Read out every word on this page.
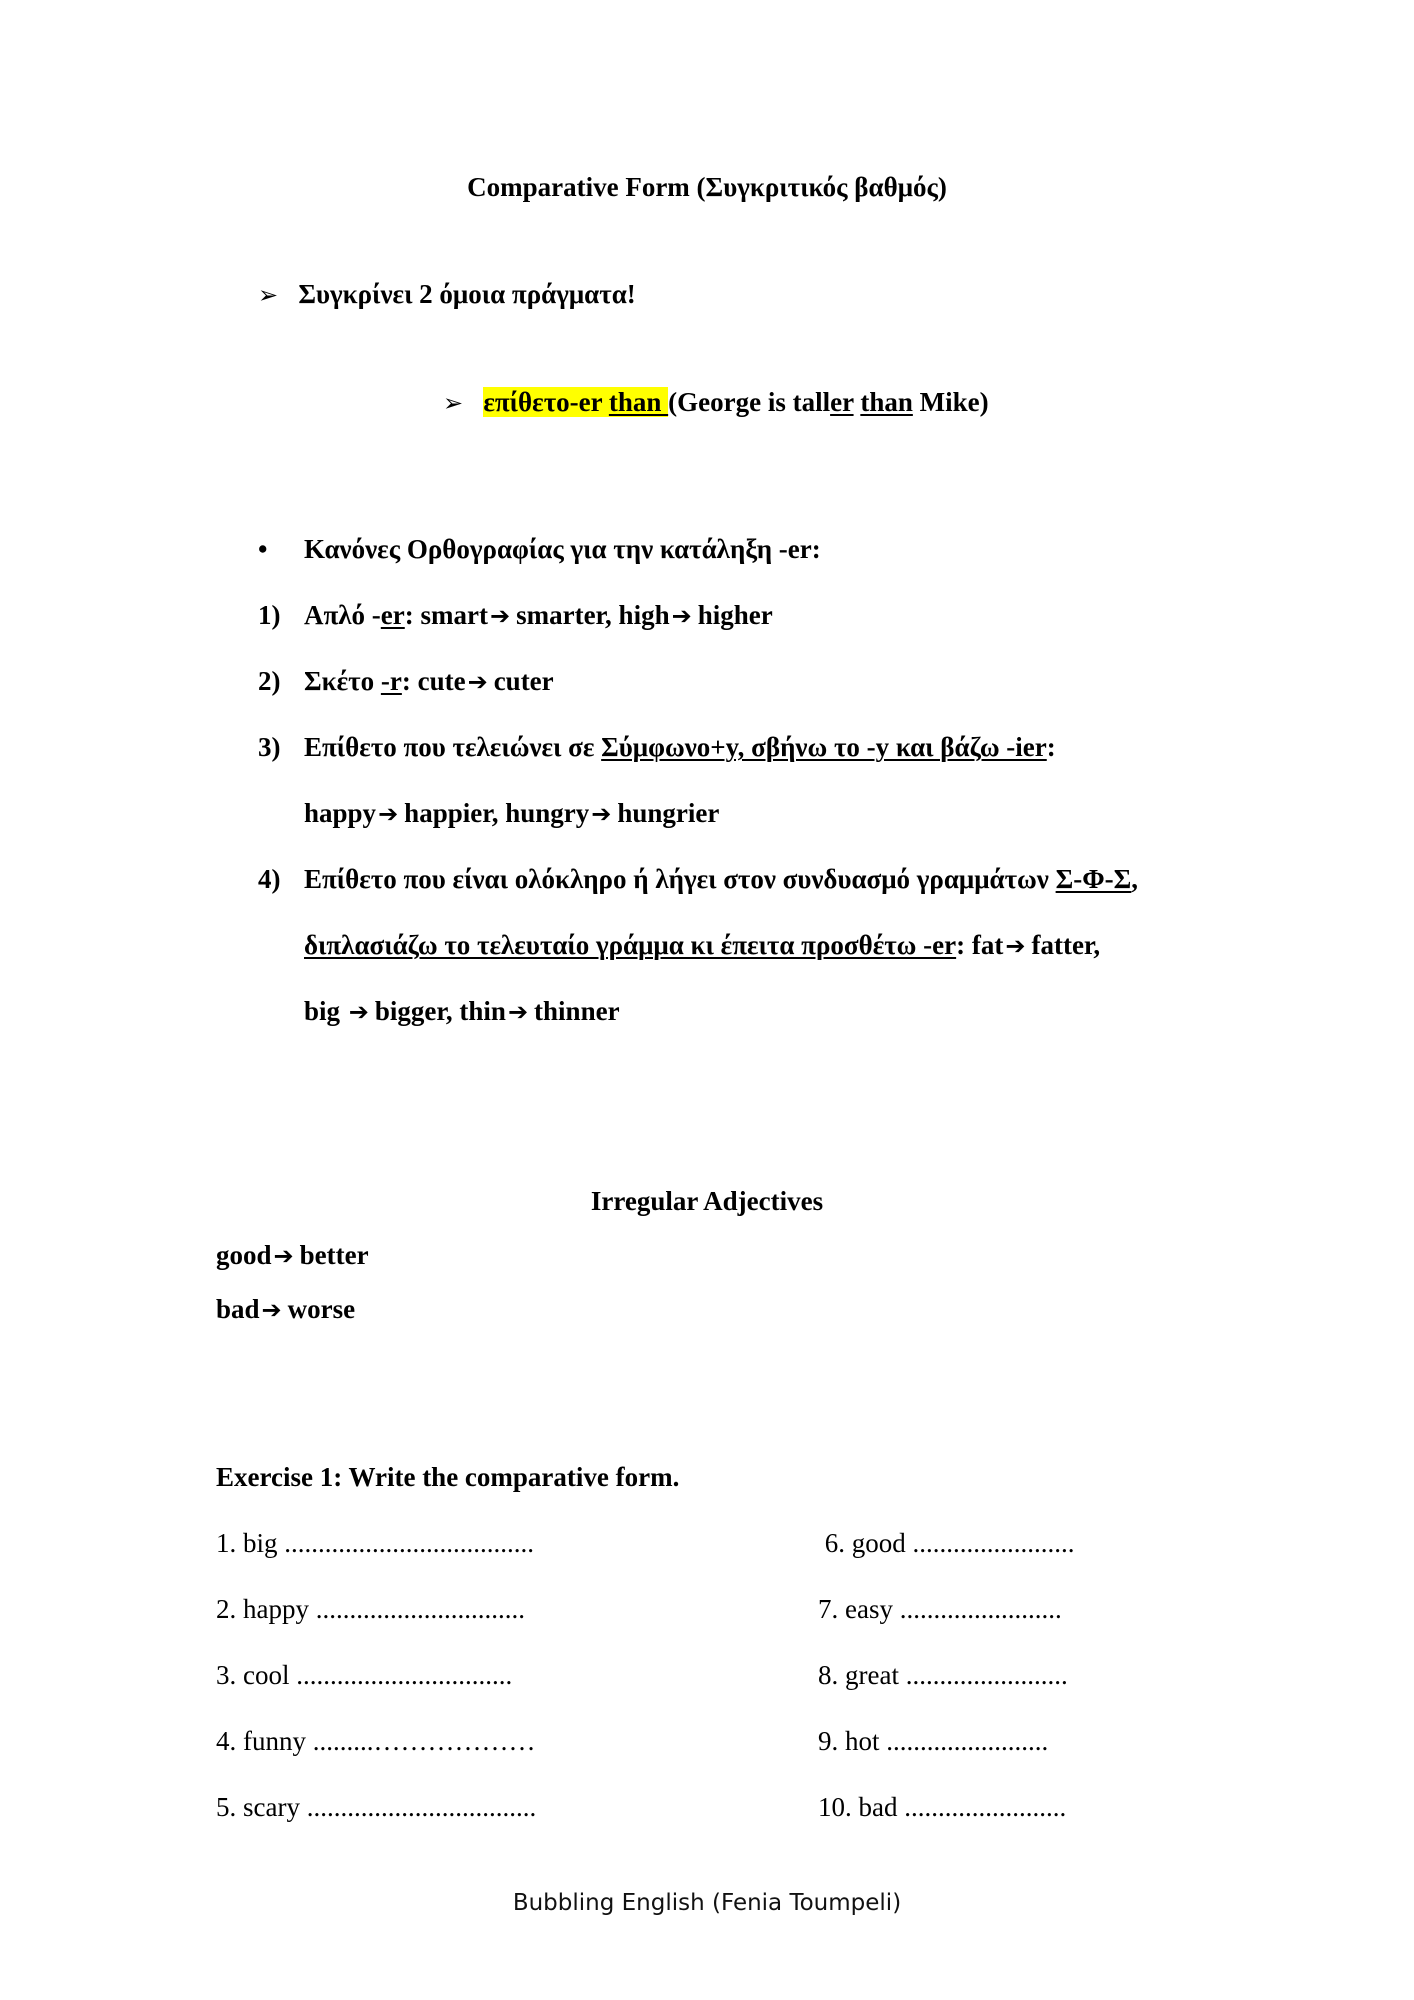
Comparative Form (Συγκριτικός βαθμός)
➢ Συγκρίνει 2 όμοια πράγματα!
➢ επίθετο-er than (George is taller than Mike)
• Κανόνες Ορθογραφίας για την κατάληξη -er:
1) Απλό -er: smart➔ smarter, high➔ higher
2) Σκέτο -r: cute➔ cuter
3) Επίθετο που τελειώνει σε Σύμφωνο+y, σβήνω το -y και βάζω -ier:
happy➔ happier, hungry➔ hungrier
4) Επίθετο που είναι ολόκληρο ή λήγει στον συνδυασμό γραμμάτων Σ-Φ-Σ,
διπλασιάζω το τελευταίο γράμμα κι έπειτα προσθέτω -er: fat➔ fatter,
big ➔ bigger, thin➔ thinner
Irregular Adjectives
good➔ better
bad➔ worse
Exercise 1: Write the comparative form.
1. big .....................................
2. happy ...............................
3. cool ................................
4. funny .........………………
5. scary ..................................
6. good ........................
7. easy ........................
8. great ........................
9. hot ........................
10. bad ........................
Bubbling English (Fenia Toumpeli)
